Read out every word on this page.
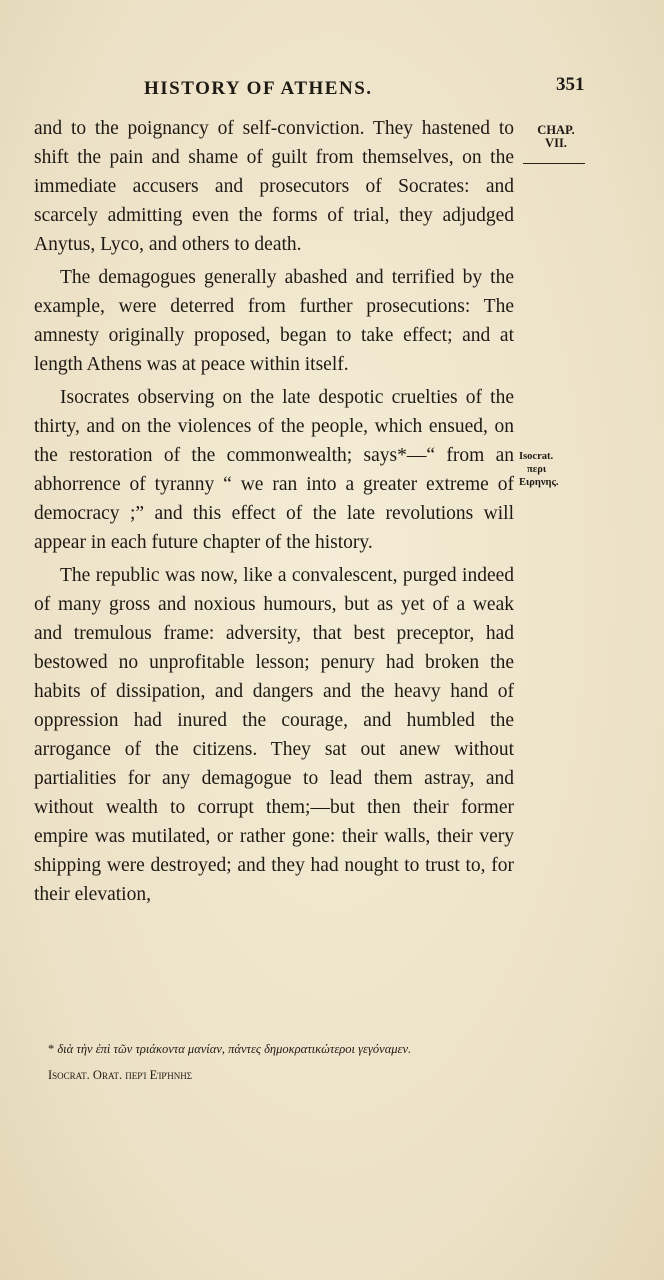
HISTORY OF ATHENS.	351
CHAP.
VII.

and to the poignancy of self-conviction. They hastened to shift the pain and shame of guilt from themselves, on the immediate accusers and prosecutors of Socrates: and scarcely admitting even the forms of trial, they adjudged Anytus, Lyco, and others to death.

The demagogues generally abashed and terrified by the example, were deterred from further prosecutions: The amnesty originally proposed, began to take effect; and at length Athens was at peace within itself.

Isocrates observing on the late despotic cruelties of the thirty, and on the violences of the people, which ensued, on the restoration of the commonwealth; says*—“ from an abhorrence of tyranny “ we ran into a greater extreme of democracy ;” and this effect of the late revolutions will appear in each future chapter of the history.

The republic was now, like a convalescent, purged indeed of many gross and noxious humours, but as yet of a weak and tremulous frame: adversity, that best preceptor, had bestowed no unprofitable lesson; penury had broken the habits of dissipation, and dangers and the heavy hand of oppression had inured the courage, and humbled the arrogance of the citizens. They sat out anew without partialities for any demagogue to lead them astray, and without wealth to corrupt them;—but then their former empire was mutilated, or rather gone: their walls, their very shipping were destroyed; and they had nought to trust to, for their elevation,

Isocrat.
περι
Ειρηνης.
* διὰ τὴν ἐπὶ τῶν τριάκοντα μανίαν, πάντες δημοκρατικώτεροι γεγόναμεν.
Isocrat. Orat. περὶ Εἰρήνης
